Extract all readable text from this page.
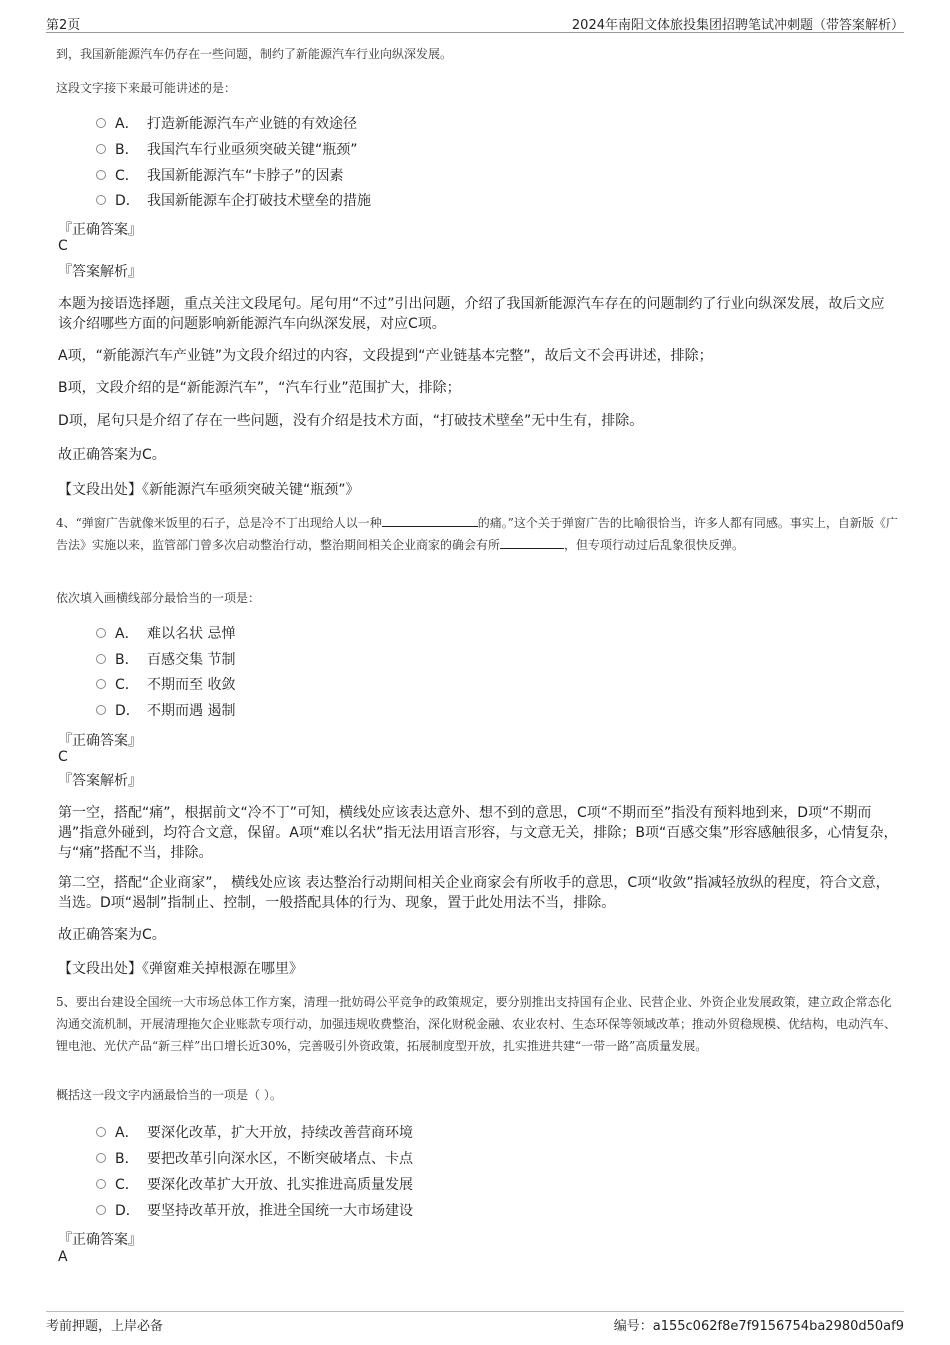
第2页	2024年南阳文体旅投集团招聘笔试冲刺题（带答案解析）
到，我国新能源汽车仍存在一些问题，制约了新能源汽车行业向纵深发展。
这段文字接下来最可能讲述的是：
A． 打造新能源汽车产业链的有效途径
B． 我国汽车行业亟须突破关键“瓶颈”
C． 我国新能源汽车“卡脖子”的因素
D． 我国新能源车企打破技术壁垒的措施
『正确答案』
C
『答案解析』
本题为接语选择题，重点关注文段尾句。尾句用“不过”引出问题，介绍了我国新能源汽车存在的问题制约了行业向纵深发展，故后文应该介绍哪些方面的问题影响新能源汽车向纵深发展，对应C项。
A项，“新能源汽车产业链”为文段介绍过的内容，文段提到“产业链基本完整”，故后文不会再讲述，排除；
B项，文段介绍的是“新能源汽车”，“汽车行业”范围扩大，排除；
D项，尾句只是介绍了存在一些问题，没有介绍是技术方面，“打破技术壁垒”无中生有，排除。
故正确答案为C。
【文段出处】《新能源汽车亟须突破关键“瓶颈”》
4、“弹窗广告就像米饭里的石子，总是冷不丁出现给人以一种	的痛。”这个关于弹窗广告的比喻很恰当，许多人都有同感。事实上，自新版《广告法》实施以来，监管部门曾多次启动整治行动，整治期间相关企业商家的确会有所	，但专项行动过后乱象很快反弹。
依次填入画横线部分最恰当的一项是：
A． 难以名状 忌惮
B． 百感交集 节制
C． 不期而至 收敛
D． 不期而遇 遏制
『正确答案』
C
『答案解析』
第一空，搭配“痛”，根据前文“冷不丁”可知，横线处应该表达意外、想不到的意思，C项“不期而至”指没有预料地到来，D项“不期而遇”指意外碰到，均符合文意，保留。A项“难以名状”指无法用语言形容，与文意无关，排除；B项“百感交集”形容感触很多，心情复杂，与“痛”搭配不当，排除。
第二空，搭配“企业商家”， 横线处应该 表达整治行动期间相关企业商家会有所收手的意思，C项“收敛”指减轻放纵的程度，符合文意，当选。D项“遏制”指制止、控制，一般搭配具体的行为、现象，置于此处用法不当，排除。
故正确答案为C。
【文段出处】《弹窗难关掉根源在哪里》
5、要出台建设全国统一大市场总体工作方案，清理一批妨碍公平竞争的政策规定，要分别推出支持国有企业、民营企业、外资企业发展政策，建立政企常态化沟通交流机制，开展清理拖欠企业账款专项行动，加强违规收费整治，深化财税金融、农业农村、生态环保等领域改革；推动外贸稳规模、优结构，电动汽车、锂电池、光伏产品“新三样”出口增长近30%，完善吸引外资政策，拓展制度型开放，扎实推进共建“一带一路”高质量发展。
概括这一段文字内涵最恰当的一项是（ ）。
A． 要深化改革，扩大开放，持续改善营商环境
B． 要把改革引向深水区，不断突破堵点、卡点
C． 要深化改革扩大开放、扎实推进高质量发展
D． 要坚持改革开放，推进全国统一大市场建设
『正确答案』
A
考前押题，上岸必备	编号：a155c062f8e7f9156754ba2980d50af9
